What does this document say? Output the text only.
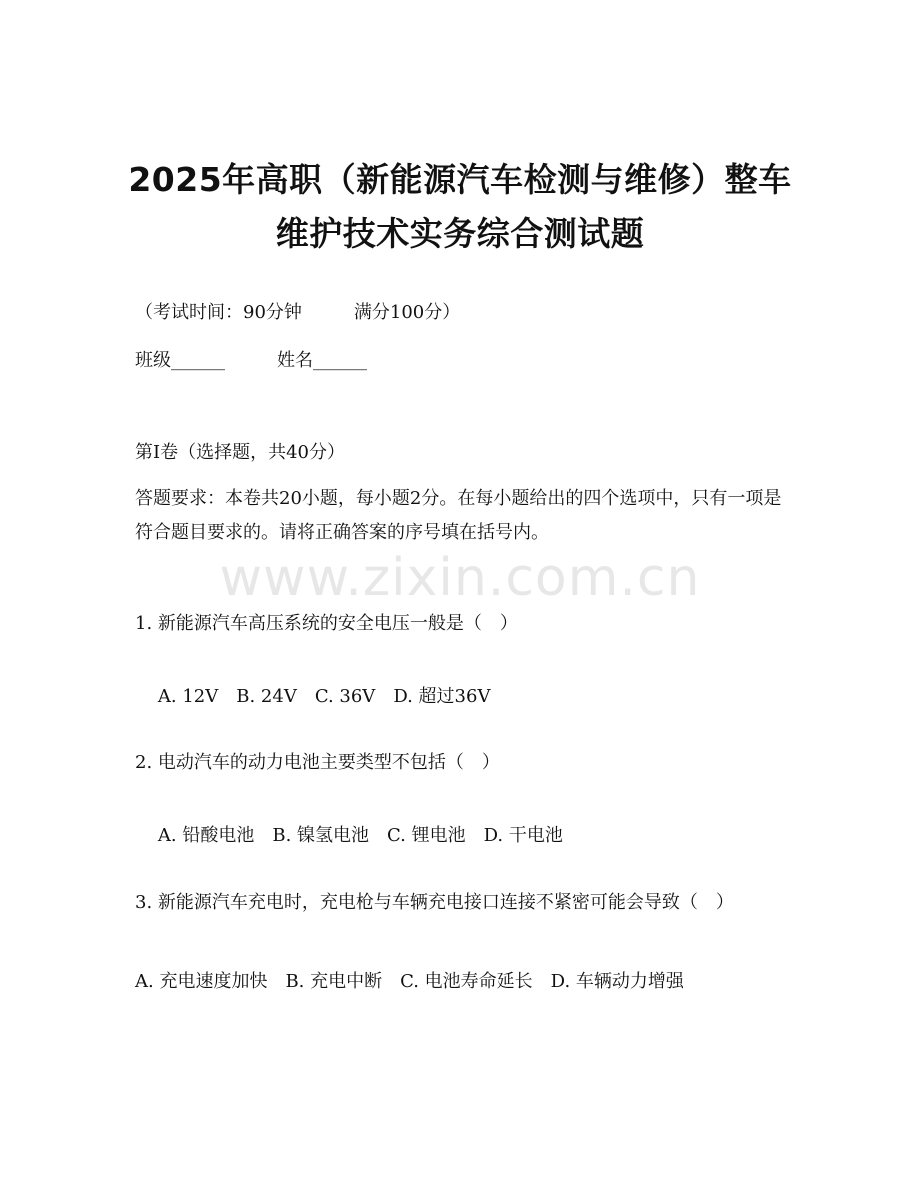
2025年高职（新能源汽车检测与维修）整车
维护技术实务综合测试题
（考试时间：90分钟	满分100分）
班级______	姓名______
第Ⅰ卷（选择题，共40分）
答题要求：本卷共20小题，每小题2分。在每小题给出的四个选项中，只有一项是符合题目要求的。请将正确答案的序号填在括号内。
www.zixin.com.cn
1. 新能源汽车高压系统的安全电压一般是（　）

A. 12V B. 24V C. 36V D. 超过36V

2. 电动汽车的动力电池主要类型不包括（　）

A. 铅酸电池 B. 镍氢电池 C. 锂电池 D. 干电池

3. 新能源汽车充电时，充电枪与车辆充电接口连接不紧密可能会导致（　）
A. 充电速度加快　B. 充电中断　C. 电池寿命延长　D. 车辆动力增强
